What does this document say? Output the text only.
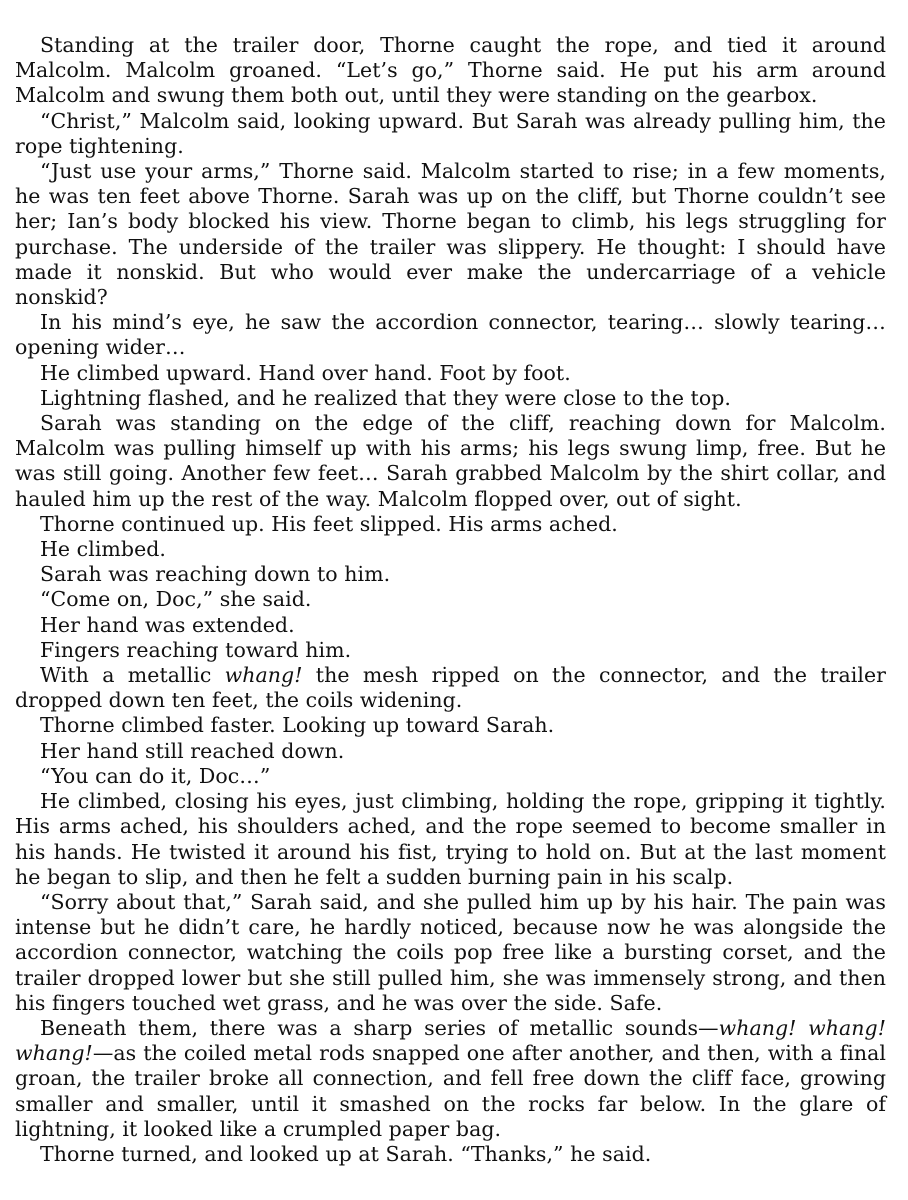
Standing at the trailer door, Thorne caught the rope, and tied it around Malcolm. Malcolm groaned. “Let’s go,” Thorne said. He put his arm around Malcolm and swung them both out, until they were standing on the gearbox.

“Christ,” Malcolm said, looking upward. But Sarah was already pulling him, the rope tightening.

“Just use your arms,” Thorne said. Malcolm started to rise; in a few moments, he was ten feet above Thorne. Sarah was up on the cliff, but Thorne couldn’t see her; Ian’s body blocked his view. Thorne began to climb, his legs struggling for purchase. The underside of the trailer was slippery. He thought: I should have made it nonskid. But who would ever make the undercarriage of a vehicle nonskid?

In his mind’s eye, he saw the accordion connector, tearing… slowly tearing… opening wider…

He climbed upward. Hand over hand. Foot by foot.

Lightning flashed, and he realized that they were close to the top.

Sarah was standing on the edge of the cliff, reaching down for Malcolm. Malcolm was pulling himself up with his arms; his legs swung limp, free. But he was still going. Another few feet… Sarah grabbed Malcolm by the shirt collar, and hauled him up the rest of the way. Malcolm flopped over, out of sight.

Thorne continued up. His feet slipped. His arms ached.

He climbed.

Sarah was reaching down to him.

“Come on, Doc,” she said.

Her hand was extended.

Fingers reaching toward him.

With a metallic whang! the mesh ripped on the connector, and the trailer dropped down ten feet, the coils widening.

Thorne climbed faster. Looking up toward Sarah.

Her hand still reached down.

“You can do it, Doc…”

He climbed, closing his eyes, just climbing, holding the rope, gripping it tightly. His arms ached, his shoulders ached, and the rope seemed to become smaller in his hands. He twisted it around his fist, trying to hold on. But at the last moment he began to slip, and then he felt a sudden burning pain in his scalp.

“Sorry about that,” Sarah said, and she pulled him up by his hair. The pain was intense but he didn’t care, he hardly noticed, because now he was alongside the accordion connector, watching the coils pop free like a bursting corset, and the trailer dropped lower but she still pulled him, she was immensely strong, and then his fingers touched wet grass, and he was over the side. Safe.

Beneath them, there was a sharp series of metallic sounds—whang! whang! whang!—as the coiled metal rods snapped one after another, and then, with a final groan, the trailer broke all connection, and fell free down the cliff face, growing smaller and smaller, until it smashed on the rocks far below. In the glare of lightning, it looked like a crumpled paper bag.

Thorne turned, and looked up at Sarah. “Thanks,” he said.
